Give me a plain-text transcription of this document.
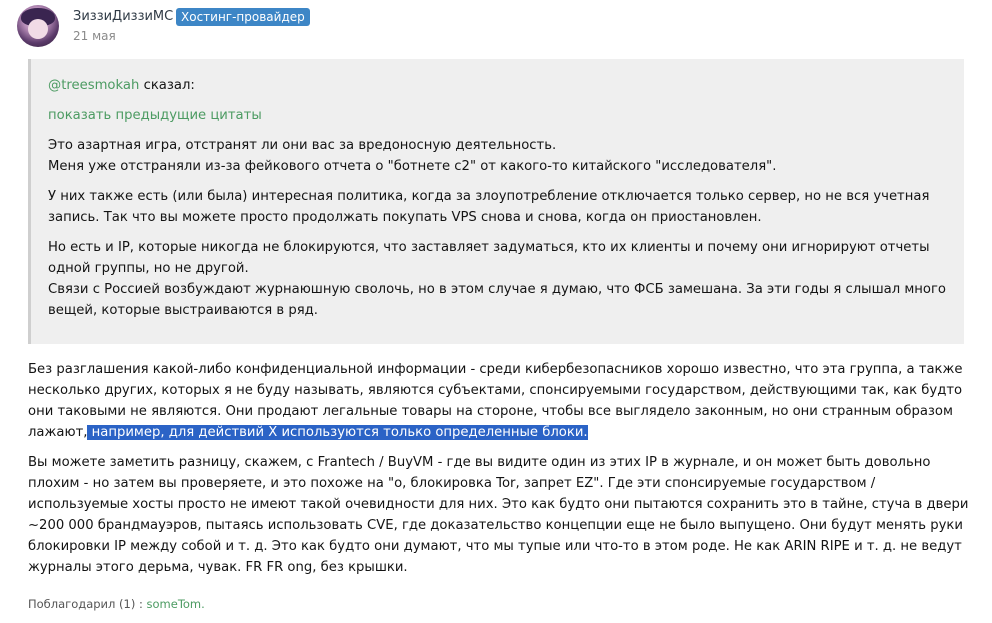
ЗиззиДиззиМС Хостинг-провайдер
21 мая
@treesmokah сказал:
показать предыдущие цитаты

Это азартная игра, отстранят ли они вас за вредоносную деятельность.
Меня уже отстраняли из-за фейкового отчета о "ботнете c2" от какого-то китайского "исследователя".

У них также есть (или была) интересная политика, когда за злоупотребление отключается только сервер, но не вся учетная запись. Так что вы можете просто продолжать покупать VPS снова и снова, когда он приостановлен.

Но есть и IP, которые никогда не блокируются, что заставляет задуматься, кто их клиенты и почему они игнорируют отчеты одной группы, но не другой.
Связи с Россией возбуждают журнаюшную сволочь, но в этом случае я думаю, что ФСБ замешана. За эти годы я слышал много вещей, которые выстраиваются в ряд.

Без разглашения какой-либо конфиденциальной информации - среди кибербезопасников хорошо известно, что эта группа, а также несколько других, которых я не буду называть, являются субъектами, спонсируемыми государством, действующими так, как будто они таковыми не являются. Они продают легальные товары на стороне, чтобы все выглядело законным, но они странным образом лажают, например, для действий X используются только определенные блоки.

Вы можете заметить разницу, скажем, с Frantech / BuyVM - где вы видите один из этих IP в журнале, и он может быть довольно плохим - но затем вы проверяете, и это похоже на "о, блокировка Tor, запрет EZ". Где эти спонсируемые государством / используемые хосты просто не имеют такой очевидности для них. Это как будто они пытаются сохранить это в тайне, стуча в двери ~200 000 брандмауэров, пытаясь использовать CVE, где доказательство концепции еще не было выпущено. Они будут менять руки блокировки IP между собой и т. д. Это как будто они думают, что мы тупые или что-то в этом роде. Не как ARIN RIPE и т. д. не ведут журналы этого дерьма, чувак. FR FR ong, без крышки.

Поблагодарил (1) : someTom.
